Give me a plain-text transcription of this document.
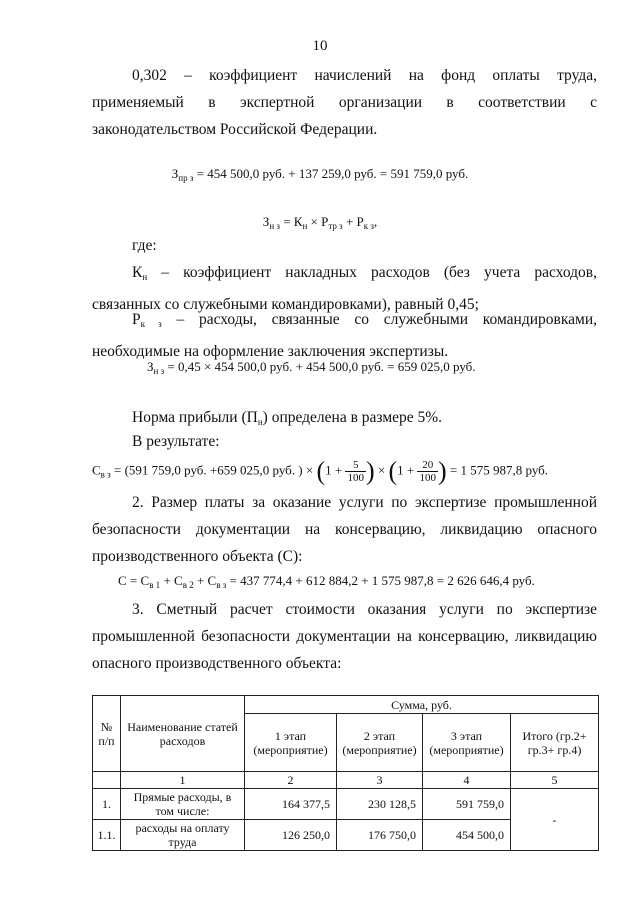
10

0,302 – коэффициент начислений на фонд оплаты труда, применяемый в экспертной организации в соответствии с законодательством Российской Федерации.

$З_{пр з} = 454$ 500,0 руб. + 137 259,0 руб. = 591 759,0 руб.
$З_{н з} = К_н \times Р_{тр з} + Р_{к з}$,

где:

$К_н$ – коэффициент накладных расходов (без учета расходов, связанных со служебными командировками), равный 0,45;

$Р_{к з}$ – расходы, связанные со служебными командировками, необходимые на оформление заключения экспертизы.

$З_{н з} = 0,45 \times 454$ 500,0 руб. + 454 500,0 руб. = 659 025,0 руб.

Норма прибыли $(П_н)$ определена в размере 5%.

В результате:

$С_{в з} = (591$ 759,0 руб. +659 025,0 руб. ) × ($1 + \frac{5}{100}$ ) × ($1 + \frac{20}{100}$ ) = 1 575 987,8 руб.

2. Размер платы за оказание услуги по экспертизе промышленной безопасности документации на консервацию, ликвидацию опасного производственного объекта (С):

$С = С_{в 1} + С_{в 2} + С_{в з} = 437$ 774,4 + 612 884,2 + 1 575 987,8 = 2 626 646,4 руб.

3. Сметный расчет стоимости оказания услуги по экспертизе промышленной безопасности документации на консервацию, ликвидацию опасного производственного объекта:

№
п/п	Наименование статей расходов	Сумма, руб.			
		1 этап (мероприятие)	2 этап (мероприятие)	3 этап (мероприятие)	Итого (гр.2+ гр.3+ гр.4)
	1	2	3	4	5
1.	Прямые расходы, в том числе:	164 377,5	230 128,5	591 759,0	-
1.1.	расходы на оплату труда	126 250,0	176 750,0	454 500,0	
